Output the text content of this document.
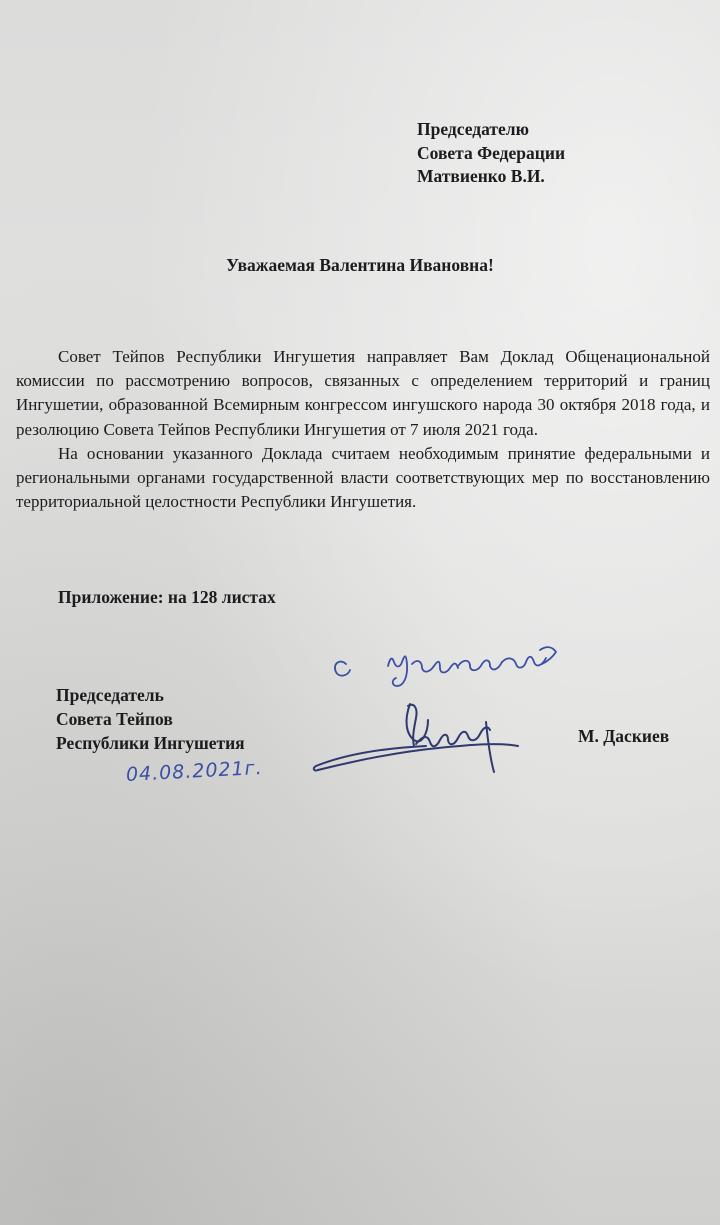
Председателю
Совета Федерации
Матвиенко В.И.
Уважаемая Валентина Ивановна!

Совет Тейпов Республики Ингушетия направляет Вам Доклад Общенациональной комиссии по рассмотрению вопросов, связанных с определением территорий и границ Ингушетии, образованной Всемирным конгрессом ингушского народа 30 октября 2018 года, и резолюцию Совета Тейпов Республики Ингушетия от 7 июля 2021 года.

На основании указанного Доклада считаем необходимым принятие федеральными и региональными органами государственной власти соответствующих мер по восстановлению территориальной целостности Республики Ингушетия.

Приложение: на 128 листах
Председатель
Совета Тейпов
Республики Ингушетия	М. Даскиев
04.08.2021г.
